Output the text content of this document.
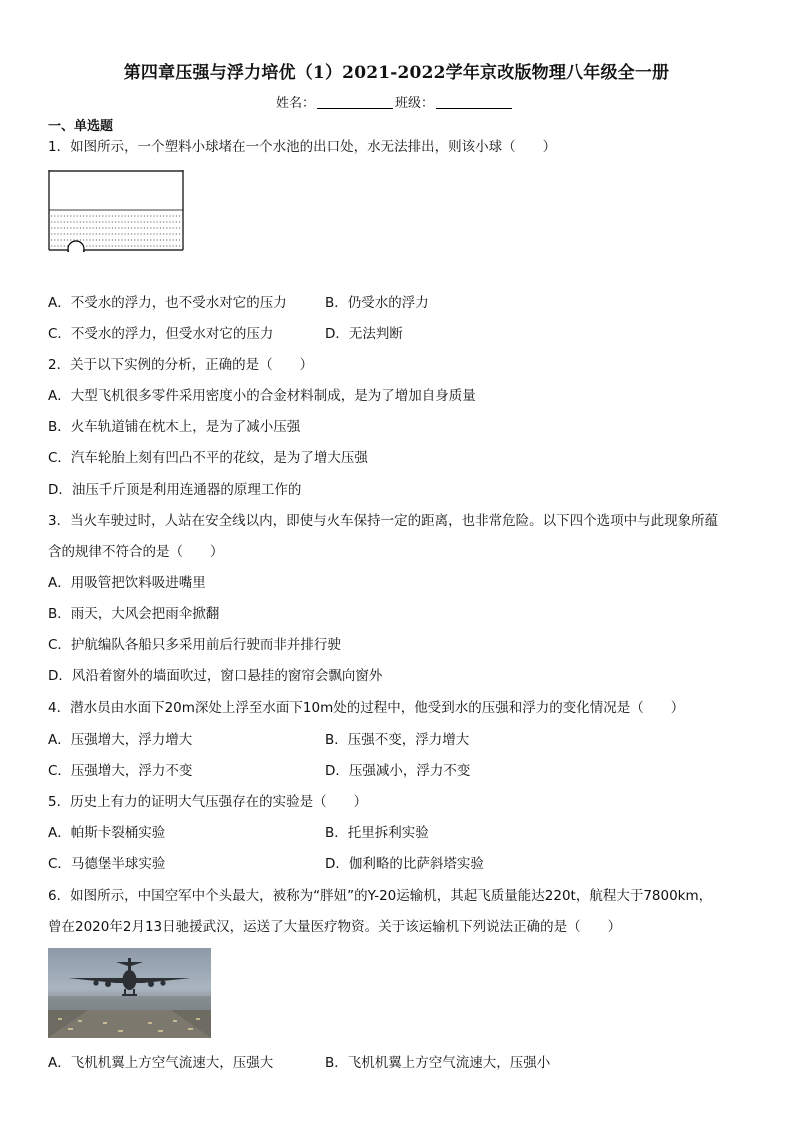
第四章压强与浮力培优（1）2021-2022学年京改版物理八年级全一册
姓名：	班级：
一、单选题
1．如图所示，一个塑料小球堵在一个水池的出口处，水无法排出，则该小球（　　）
A．不受水的浮力，也不受水对它的压力	B．仍受水的浮力
C．不受水的浮力，但受水对它的压力	D．无法判断
2．关于以下实例的分析，正确的是（　　）
A．大型飞机很多零件采用密度小的合金材料制成，是为了增加自身质量
B．火车轨道铺在枕木上，是为了减小压强
C．汽车轮胎上刻有凹凸不平的花纹，是为了增大压强
D．油压千斤顶是利用连通器的原理工作的
3．当火车驶过时，人站在安全线以内，即使与火车保持一定的距离，也非常危险。以下四个选项中与此现象所蕴
含的规律不符合的是（　　）
A．用吸管把饮料吸进嘴里
B．雨天，大风会把雨伞掀翻
C．护航编队各船只多采用前后行驶而非并排行驶
D．风沿着窗外的墙面吹过，窗口悬挂的窗帘会飘向窗外
4．潜水员由水面下20m深处上浮至水面下10m处的过程中，他受到水的压强和浮力的变化情况是（　　）
A．压强增大，浮力增大	B．压强不变，浮力增大
C．压强增大，浮力不变	D．压强减小，浮力不变
5．历史上有力的证明大气压强存在的实验是（　　）
A．帕斯卡裂桶实验	B．托里拆利实验
C．马德堡半球实验	D．伽利略的比萨斜塔实验
6．如图所示，中国空军中个头最大，被称为“胖妞”的Y-20运输机，其起飞质量能达220t，航程大于7800km，
曾在2020年2月13日驰援武汉，运送了大量医疗物资。关于该运输机下列说法正确的是（　　）
A．飞机机翼上方空气流速大，压强大	B．飞机机翼上方空气流速大，压强小
